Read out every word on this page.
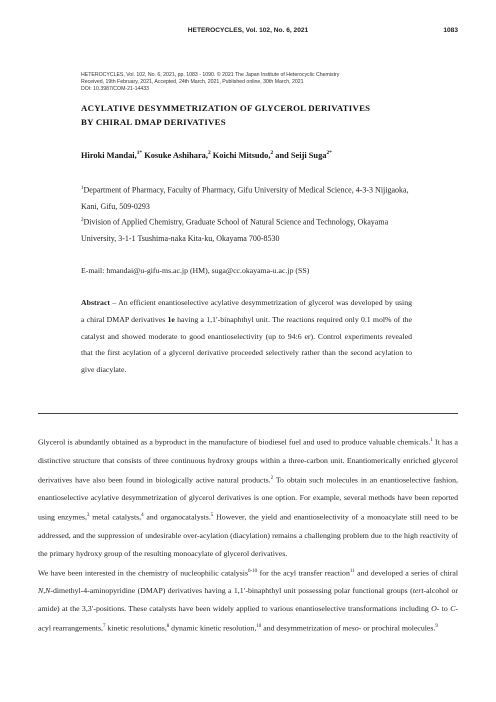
HETEROCYCLES, Vol. 102, No. 6, 2021	1083
HETEROCYCLES, Vol. 102, No. 6, 2021, pp. 1083 - 1090. © 2021 The Japan Institute of Heterocyclic Chemistry
Received, 19th February, 2021, Accepted, 24th March, 2021, Published online, 30th March, 2021
DOI: 10.3987/COM-21-14433
ACYLATIVE DESYMMETRIZATION OF GLYCEROL DERIVATIVES
BY CHIRAL DMAP DERIVATIVES
Hiroki Mandai,$^{1*}$ Kosuke Ashihara,$^2$ Koichi Mitsudo,$^2$ and Seiji Suga$^{2*}$
$^1$Department of Pharmacy, Faculty of Pharmacy, Gifu University of Medical Science, 4-3-3 Nijigaoka, Kani, Gifu, 509-0293
$^2$Division of Applied Chemistry, Graduate School of Natural Science and Technology, Okayama University, 3-1-1 Tsushima-naka Kita-ku, Okayama 700-8530
E-mail: hmandai@u-gifu-ms.ac.jp (HM), suga@cc.okayama-u.ac.jp (SS)
Abstract – An efficient enantioselective acylative desymmetrization of glycerol was developed by using a chiral DMAP derivatives 1e having a 1,1′-binaphthyl unit. The reactions required only 0.1 mol% of the catalyst and showed moderate to good enantioselectivity (up to 94:6 er). Control experiments revealed that the first acylation of a glycerol derivative proceeded selectively rather than the second acylation to give diacylate.

Glycerol is abundantly obtained as a byproduct in the manufacture of biodiesel fuel and used to produce valuable chemicals.$^1$ It has a distinctive structure that consists of three continuous hydroxy groups within a three-carbon unit. Enantiomerically enriched glycerol derivatives have also been found in biologically active natural products.$^2$ To obtain such molecules in an enantioselective fashion, enantioselective acylative desymmetrization of glycerol derivatives is one option. For example, several methods have been reported using enzymes,$^3$ metal catalysts,$^4$ and organocatalysts.$^5$ However, the yield and enantioselectivity of a monoacylate still need to be addressed, and the suppression of undesirable over-acylation (diacylation) remains a challenging problem due to the high reactivity of the primary hydroxy group of the resulting monoacylate of glycerol derivatives.

We have been interested in the chemistry of nucleophilic catalysis$^{6-10}$ for the acyl transfer reaction$^{11}$ and developed a series of chiral N,N-dimethyl-4-aminopyridine (DMAP) derivatives having a 1,1′-binaphthyl unit possessing polar functional groups (tert-alcohol or amide) at the 3,3′-positions. These catalysts have been widely applied to various enantioselective transformations including O- to C-acyl rearrangements,$^7$ kinetic resolutions,$^8$ dynamic kinetic resolution,$^{10}$ and desymmetrization of meso- or prochiral molecules.$^9$
